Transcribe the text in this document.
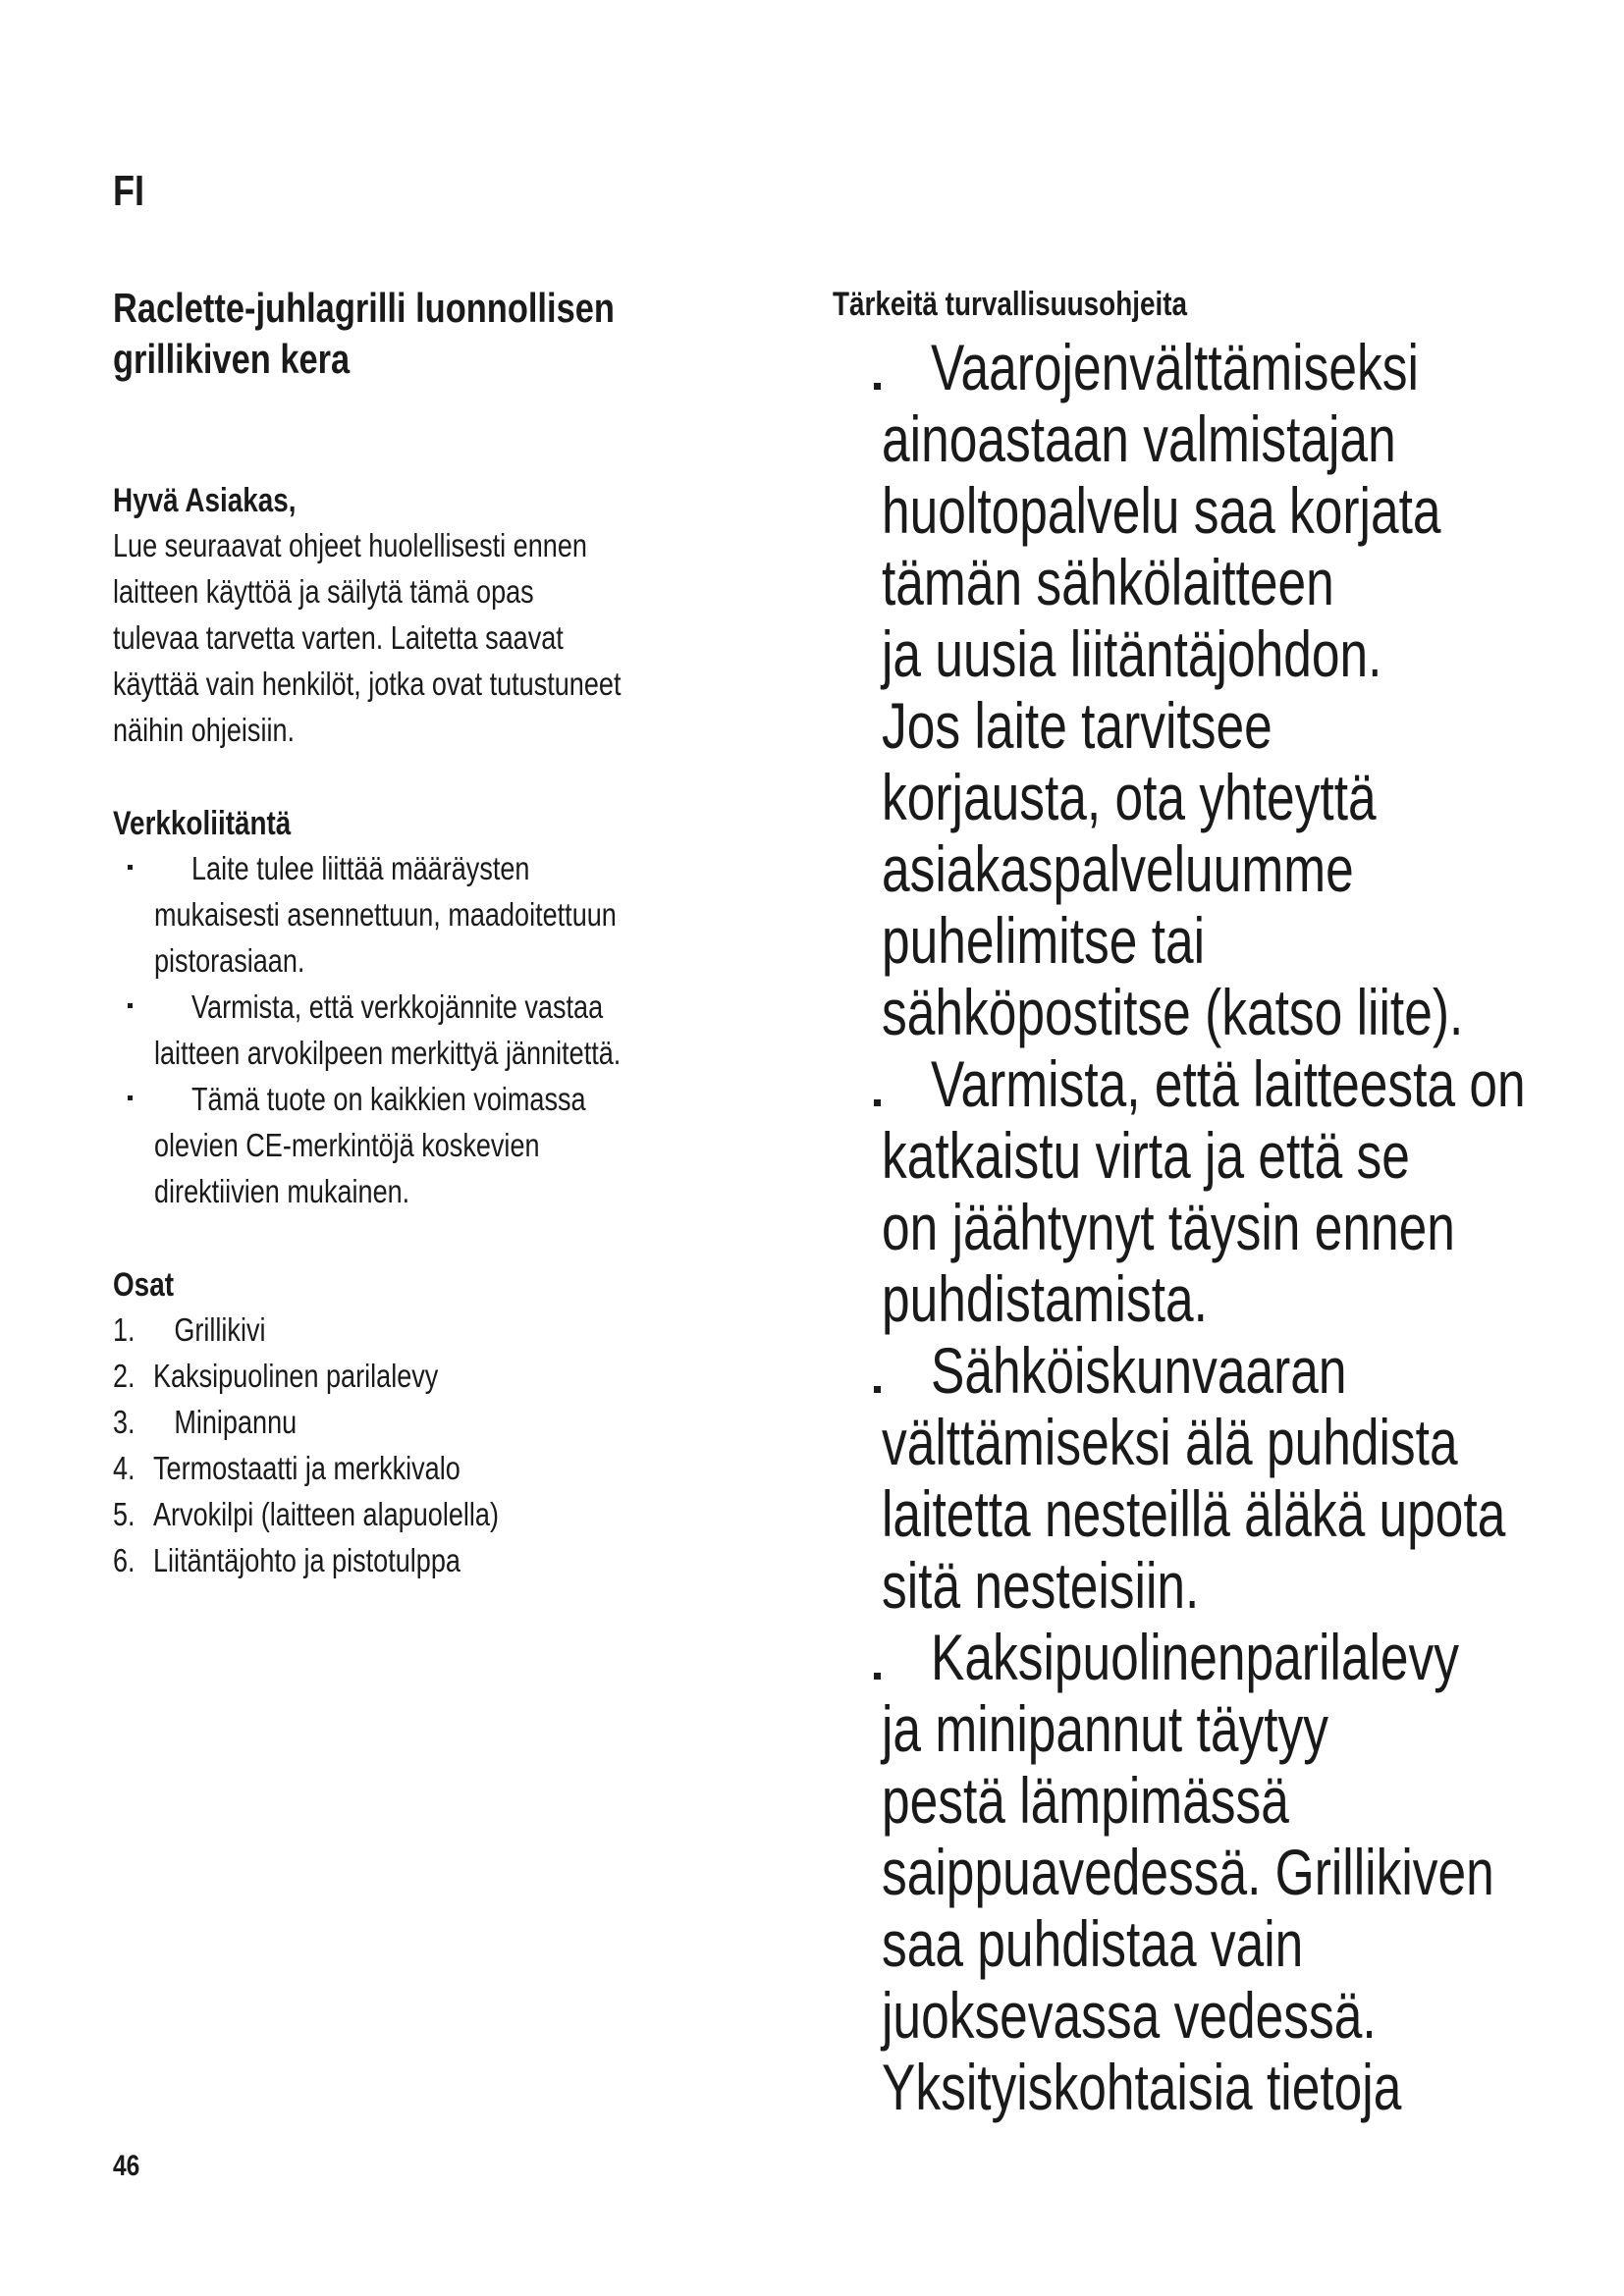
FI

Raclette-juhlagrilli luonnollisen

grillikiven kera

Hyvä Asiakas,

Lue seuraavat ohjeet huolellisesti ennen

laitteen käyttöä ja säilytä tämä opas

tulevaa tarvetta varten. Laitetta saavat

käyttää vain henkilöt, jotka ovat tutustuneet

näihin ohjeisiin.

Verkkoliitäntä

Laite tulee liittää määräysten

mukaisesti asennettuun, maadoitettuun

pistorasiaan.

Varmista, että verkkojännite vastaa

laitteen arvokilpeen merkittyä jännitettä.

Tämä tuote on kaikkien voimassa

olevien CE-merkintöjä koskevien

direktiivien mukainen.

Osat

1.	Grillikivi

2. Kaksipuolinen parilalevy

3.	Minipannu

4. Termostaatti ja merkkivalo

5. Arvokilpi (laitteen alapuolella)

6. Liitäntäjohto ja pistotulppa

Tärkeitä turvallisuusohjeita

Vaarojenvälttämiseksi

ainoastaan valmistajan

huoltopalvelu saa korjata

tämän sähkölaitteen

ja uusia liitäntäjohdon.

Jos laite tarvitsee

korjausta, ota yhteyttä

asiakaspalveluumme

puhelimitse tai

sähköpostitse (katso liite).

Varmista, että laitteesta on

katkaistu virta ja että se

on jäähtynyt täysin ennen

puhdistamista.

Sähköiskunvaaran

välttämiseksi älä puhdista

laitetta nesteillä äläkä upota

sitä nesteisiin.

Kaksipuolinenparilalevy

ja minipannut täytyy

pestä lämpimässä

saippuavedessä. Grillikiven

saa puhdistaa vain

juoksevassa vedessä.

Yksityiskohtaisia tietoja

46
